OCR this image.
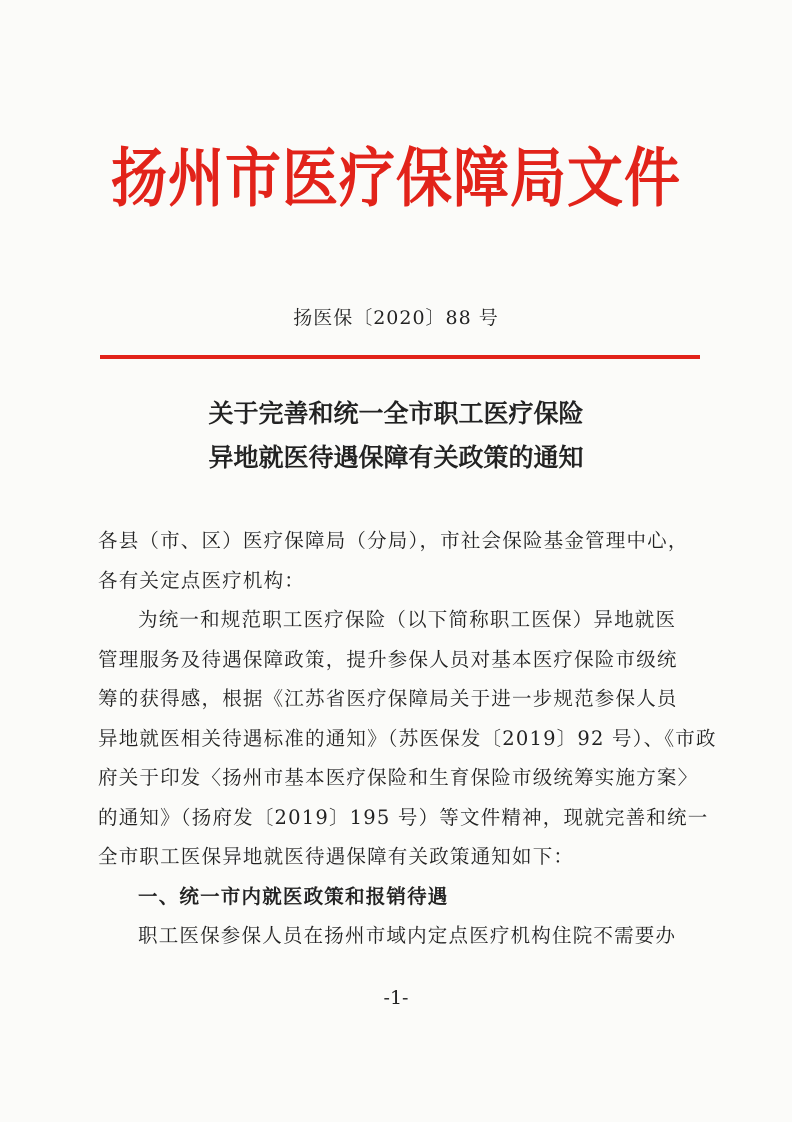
扬州市医疗保障局文件
扬医保〔2020〕88 号
关于完善和统一全市职工医疗保险
异地就医待遇保障有关政策的通知
各县（市、区）医疗保障局（分局），市社会保险基金管理中心，
各有关定点医疗机构：
为统一和规范职工医疗保险（以下简称职工医保）异地就医
管理服务及待遇保障政策，提升参保人员对基本医疗保险市级统
筹的获得感，根据《江苏省医疗保障局关于进一步规范参保人员
异地就医相关待遇标准的通知》（苏医保发〔2019〕92 号）、《市政
府关于印发〈扬州市基本医疗保险和生育保险市级统筹实施方案〉
的通知》（扬府发〔2019〕195 号）等文件精神，现就完善和统一
全市职工医保异地就医待遇保障有关政策通知如下：
一、统一市内就医政策和报销待遇
职工医保参保人员在扬州市域内定点医疗机构住院不需要办
-1-
